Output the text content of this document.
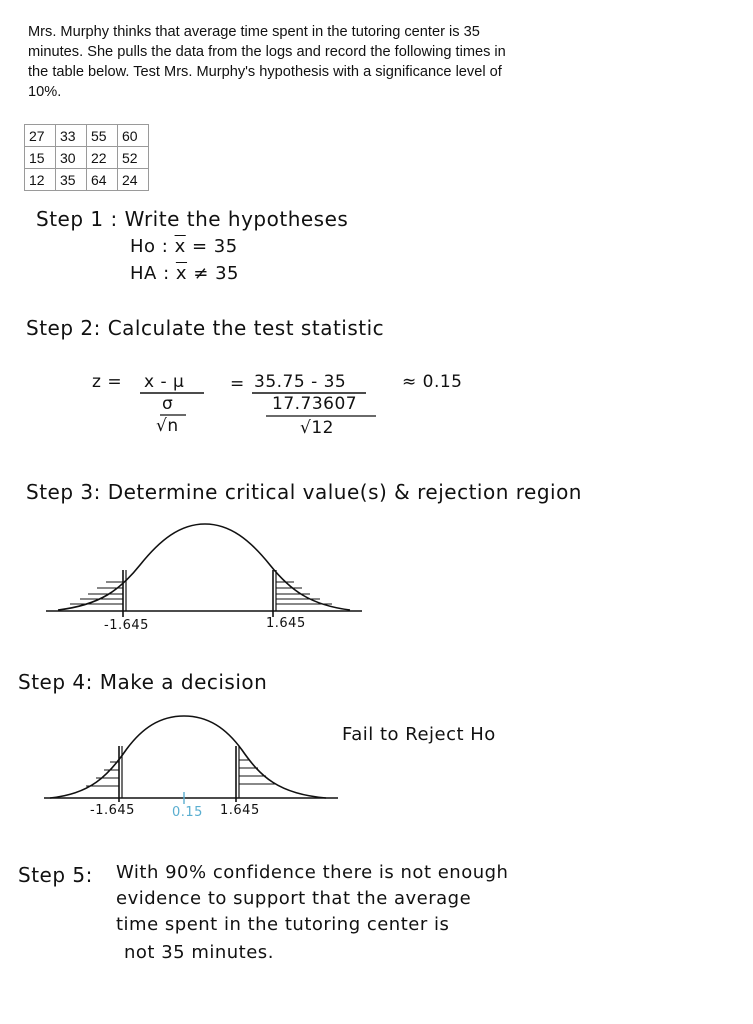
Mrs. Murphy thinks that average time spent in the tutoring center is 35 minutes. She pulls the data from the logs and record the following times in the table below. Test Mrs. Murphy's hypothesis with a significance level of 10%.
27	33	55	60
15	30	22	52
12	35	64	24
Step 1 : Write the hypotheses
Ho : $\overline{x} = 35$
HA : $\overline{x} \ne 35$
Step 2: Calculate the test statistic
z = x - μ
σ
√n
= 35.75 - 35
17.73607
√12
≈ 0.15
Step 3: Determine critical value(s) & rejection region
-1.645	1.645
Step 4: Make a decision
Fail to Reject Ho
-1.645	0.15 1.645
Step 5: With 90% confidence there is not enough
evidence to support that the average
time spent in the tutoring center is
not 35 minutes.
